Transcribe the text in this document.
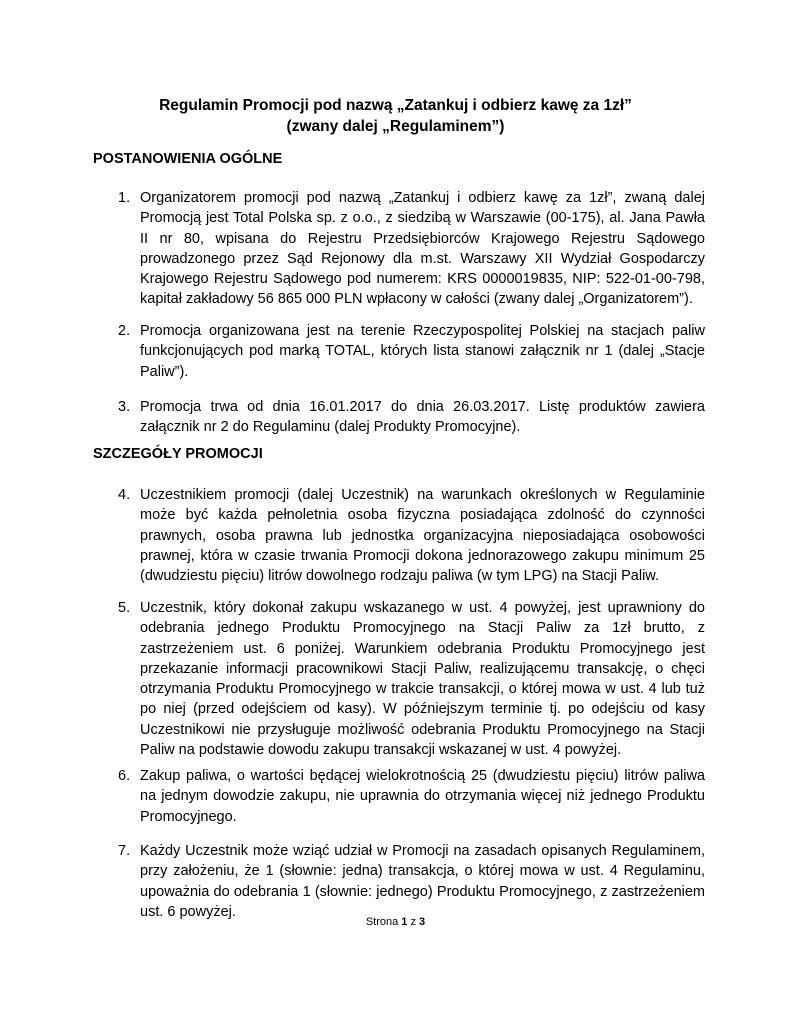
Regulamin Promocji pod nazwą „Zatankuj i odbierz kawę za 1zł”
(zwany dalej „Regulaminem”)
POSTANOWIENIA OGÓLNE
1. Organizatorem promocji pod nazwą „Zatankuj i odbierz kawę za 1zł”, zwaną dalej Promocją jest Total Polska sp. z o.o., z siedzibą w Warszawie (00-175), al. Jana Pawła II nr 80, wpisana do Rejestru Przedsiębiorców Krajowego Rejestru Sądowego prowadzonego przez Sąd Rejonowy dla m.st. Warszawy XII Wydział Gospodarczy Krajowego Rejestru Sądowego pod numerem: KRS 0000019835, NIP: 522-01-00-798, kapitał zakładowy 56 865 000 PLN wpłacony w całości (zwany dalej „Organizatorem”).
2. Promocja organizowana jest na terenie Rzeczypospolitej Polskiej na stacjach paliw funkcjonujących pod marką TOTAL, których lista stanowi załącznik nr 1 (dalej „Stacje Paliw”).
3. Promocja trwa od dnia 16.01.2017 do dnia 26.03.2017. Listę produktów zawiera załącznik nr 2 do Regulaminu (dalej Produkty Promocyjne).
SZCZEGÓŁY PROMOCJI
4. Uczestnikiem promocji (dalej Uczestnik) na warunkach określonych w Regulaminie może być każda pełnoletnia osoba fizyczna posiadająca zdolność do czynności prawnych, osoba prawna lub jednostka organizacyjna nieposiadająca osobowości prawnej, która w czasie trwania Promocji dokona jednorazowego zakupu minimum 25 (dwudziestu pięciu) litrów dowolnego rodzaju paliwa (w tym LPG) na Stacji Paliw.
5. Uczestnik, który dokonał zakupu wskazanego w ust. 4 powyżej, jest uprawniony do odebrania jednego Produktu Promocyjnego na Stacji Paliw za 1zł brutto, z zastrzeżeniem ust. 6 poniżej. Warunkiem odebrania Produktu Promocyjnego jest przekazanie informacji pracownikowi Stacji Paliw, realizującemu transakcję, o chęci otrzymania Produktu Promocyjnego w trakcie transakcji, o której mowa w ust. 4 lub tuż po niej (przed odejściem od kasy). W późniejszym terminie tj. po odejściu od kasy Uczestnikowi nie przysługuje możliwość odebrania Produktu Promocyjnego na Stacji Paliw na podstawie dowodu zakupu transakcji wskazanej w ust. 4 powyżej.
6. Zakup paliwa, o wartości będącej wielokrotnością 25 (dwudziestu pięciu) litrów paliwa na jednym dowodzie zakupu, nie uprawnia do otrzymania więcej niż jednego Produktu Promocyjnego.
7. Każdy Uczestnik może wziąć udział w Promocji na zasadach opisanych Regulaminem, przy założeniu, że 1 (słownie: jedna) transakcja, o której mowa w ust. 4 Regulaminu, upoważnia do odebrania 1 (słownie: jednego) Produktu Promocyjnego, z zastrzeżeniem ust. 6 powyżej.
Strona 1 z 3
